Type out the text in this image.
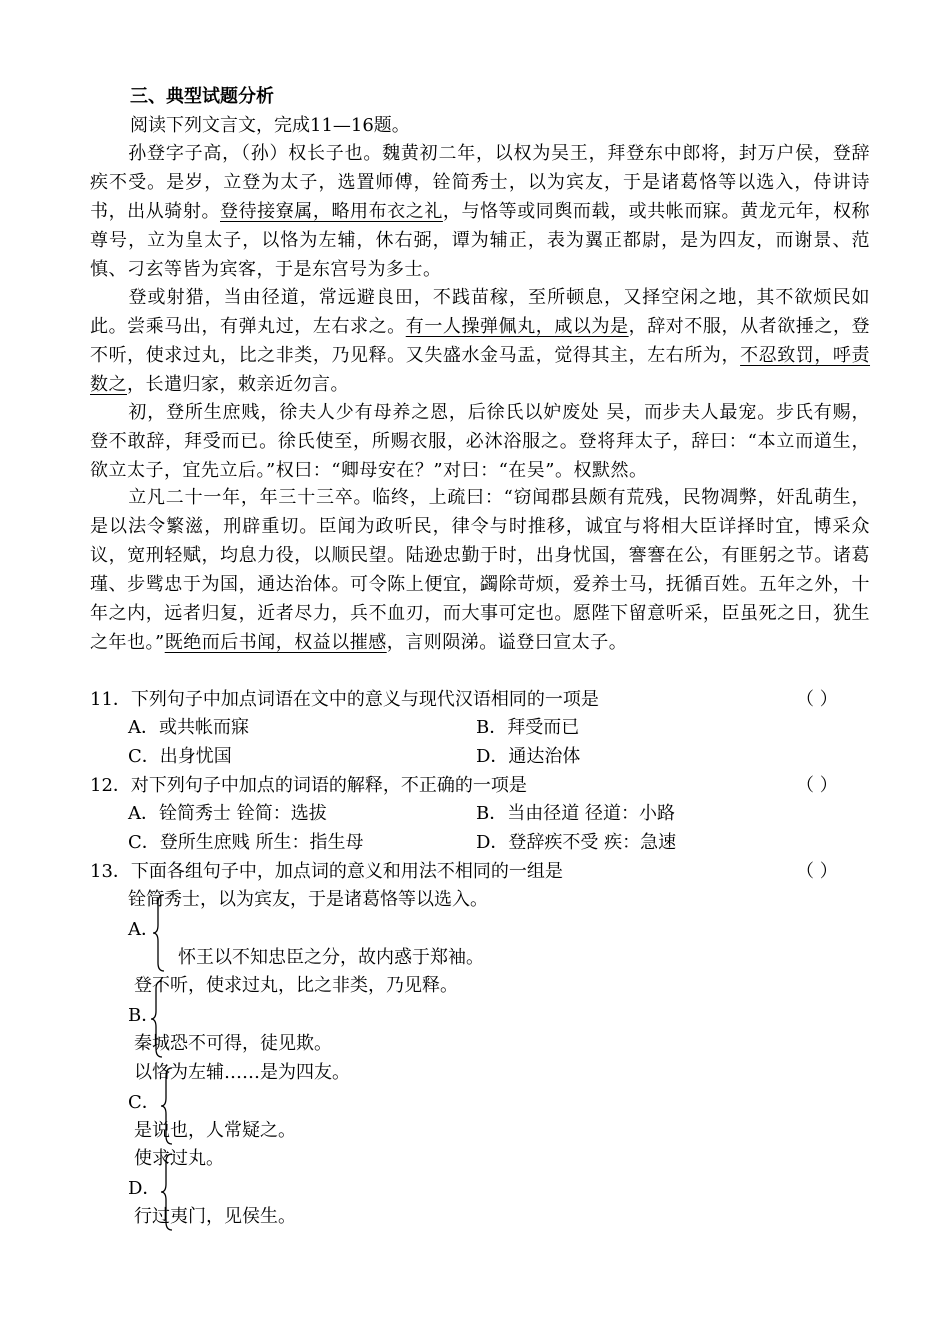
三、典型试题分析
阅读下列文言文，完成11—16题。
孙登字子高，（孙）权长子也。魏黄初二年，以权为吴王，拜登东中郎将，封万户侯，登辞疾不受。是岁，立登为太子，选置师傅，铨简秀士，以为宾友，于是诸葛恪等以选入，侍讲诗书，出从骑射。登待接寮属，略用布衣之礼，与恪等或同舆而载，或共帐而寐。黄龙元年，权称尊号，立为皇太子，以恪为左辅，休右弼，谭为辅正，表为翼正都尉，是为四友，而谢景、范慎、刁玄等皆为宾客，于是东宫号为多士。
登或射猎，当由径道，常远避良田，不践苗稼，至所顿息，又择空闲之地，其不欲烦民如此。尝乘马出，有弹丸过，左右求之。有一人操弹佩丸，咸以为是，辞对不服，从者欲捶之，登不听，使求过丸，比之非类，乃见释。又失盛水金马盂，觉得其主，左右所为，不忍致罚，呼责数之，长遣归家，敕亲近勿言。
初，登所生庶贱，徐夫人少有母养之恩，后徐氏以妒废处 吴，而步夫人最宠。步氏有赐，登不敢辞，拜受而已。徐氏使至，所赐衣服，必沐浴服之。登将拜太子，辞曰：“本立而道生，欲立太子，宜先立后。”权曰：“卿母安在？”对曰：“在吴”。权默然。
立凡二十一年，年三十三卒。临终，上疏曰：“窃闻郡县颇有荒残，民物凋弊，奸乱萌生，是以法令繁滋，刑辟重切。臣闻为政听民，律令与时推移，诚宜与将相大臣详择时宜，博采众议，宽刑轻赋，均息力役，以顺民望。陆逊忠勤于时，出身忧国，謇謇在公，有匪躬之节。诸葛瑾、步骘忠于为国，通达治体。可令陈上便宜，蠲除苛烦，爱养士马，抚循百姓。五年之外，十年之内，远者归复，近者尽力，兵不血刃，而大事可定也。愿陛下留意听采，臣虽死之日，犹生之年也。”既绝而后书闻，权益以摧感，言则陨涕。谥登曰宣太子。
11．下列句子中加点词语在文中的意义与现代汉语相同的一项是	（ ）
A．或共帐而寐	B．拜受而已
C．出身忧国	D．通达治体
12．对下列句子中加点的词语的解释，不正确的一项是	（ ）
A．铨简秀士 铨简：选拔	B．当由径道 径道：小路
C．登所生庶贱 所生：指生母	D．登辞疾不受 疾：急速
13．下面各组句子中，加点词的意义和用法不相同的一组是	（ ）
铨简秀士，以为宾友，于是诸葛恪等以选入。
A．
怀王以不知忠臣之分，故内惑于郑袖。
登不听，使求过丸，比之非类，乃见释。
B．
秦城恐不可得，徒见欺。
以恪为左辅……是为四友。
C．
是说也，人常疑之。
使求过丸。
D．
行过夷门，见侯生。
